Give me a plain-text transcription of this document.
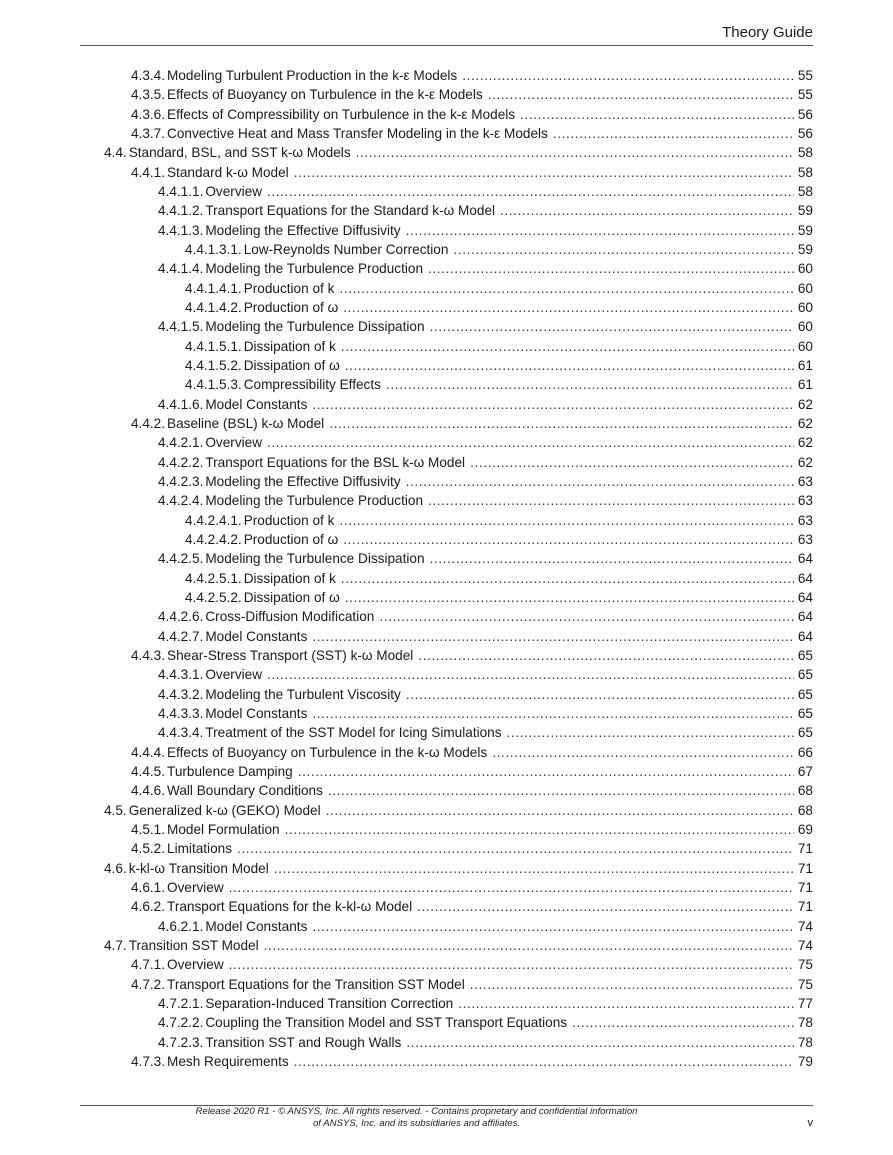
Theory Guide
4.3.4. Modeling Turbulent Production in the k-ε Models .....	55
4.3.5. Effects of Buoyancy on Turbulence in the k-ε Models .....	55
4.3.6. Effects of Compressibility on Turbulence in the k-ε Models .....	56
4.3.7. Convective Heat and Mass Transfer Modeling in the k-ε Models .....	56
4.4. Standard, BSL, and SST k-ω Models .....	58
4.4.1. Standard k-ω Model .....	58
4.4.1.1. Overview .....	58
4.4.1.2. Transport Equations for the Standard k-ω Model .....	59
4.4.1.3. Modeling the Effective Diffusivity .....	59
4.4.1.3.1. Low-Reynolds Number Correction .....	59
4.4.1.4. Modeling the Turbulence Production .....	60
4.4.1.4.1. Production of k .....	60
4.4.1.4.2. Production of ω .....	60
4.4.1.5. Modeling the Turbulence Dissipation .....	60
4.4.1.5.1. Dissipation of k .....	60
4.4.1.5.2. Dissipation of ω .....	61
4.4.1.5.3. Compressibility Effects .....	61
4.4.1.6. Model Constants .....	62
4.4.2. Baseline (BSL) k-ω Model .....	62
4.4.2.1. Overview .....	62
4.4.2.2. Transport Equations for the BSL k-ω Model .....	62
4.4.2.3. Modeling the Effective Diffusivity .....	63
4.4.2.4. Modeling the Turbulence Production .....	63
4.4.2.4.1. Production of k .....	63
4.4.2.4.2. Production of ω .....	63
4.4.2.5. Modeling the Turbulence Dissipation .....	64
4.4.2.5.1. Dissipation of k .....	64
4.4.2.5.2. Dissipation of ω .....	64
4.4.2.6. Cross-Diffusion Modification .....	64
4.4.2.7. Model Constants .....	64
4.4.3. Shear-Stress Transport (SST) k-ω Model .....	65
4.4.3.1. Overview .....	65
4.4.3.2. Modeling the Turbulent Viscosity .....	65
4.4.3.3. Model Constants .....	65
4.4.3.4. Treatment of the SST Model for Icing Simulations .....	65
4.4.4. Effects of Buoyancy on Turbulence in the k-ω Models .....	66
4.4.5. Turbulence Damping .....	67
4.4.6. Wall Boundary Conditions .....	68
4.5. Generalized k-ω (GEKO) Model .....	68
4.5.1. Model Formulation .....	69
4.5.2. Limitations .....	71
4.6. k-kl-ω Transition Model .....	71
4.6.1. Overview .....	71
4.6.2. Transport Equations for the k-kl-ω Model .....	71
4.6.2.1. Model Constants .....	74
4.7. Transition SST Model .....	74
4.7.1. Overview .....	75
4.7.2. Transport Equations for the Transition SST Model .....	75
4.7.2.1. Separation-Induced Transition Correction .....	77
4.7.2.2. Coupling the Transition Model and SST Transport Equations .....	78
4.7.2.3. Transition SST and Rough Walls .....	78
4.7.3. Mesh Requirements .....	79
Release 2020 R1 - © ANSYS, Inc. All rights reserved. - Contains proprietary and confidential information
of ANSYS, Inc. and its subsidiaries and affiliates.	v
